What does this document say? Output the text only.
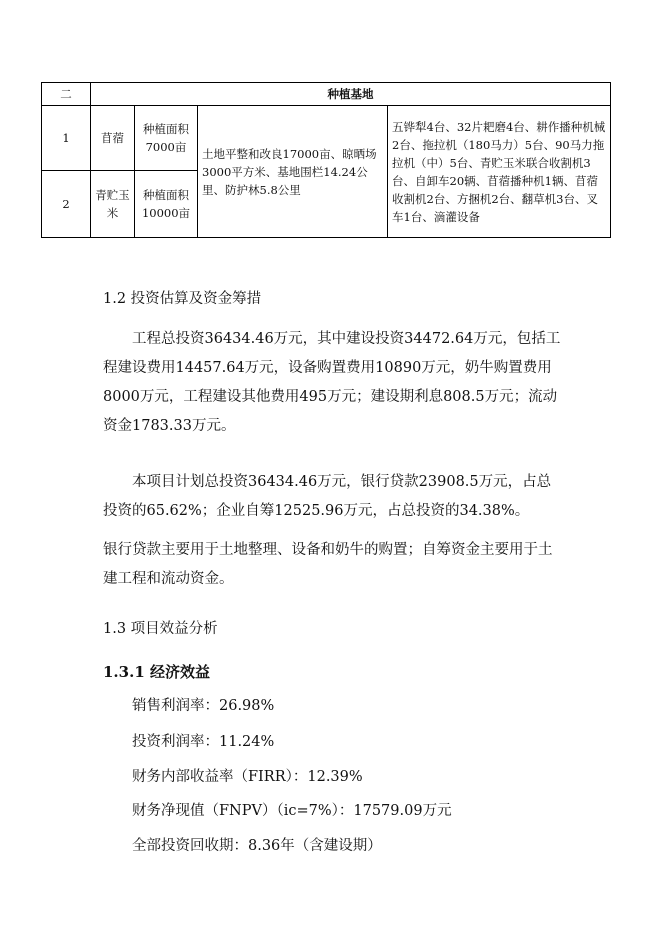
二	种植基地			
1	苜蓿	种植面积7000亩	土地平整和改良17000亩、晾晒场3000平方米、基地围栏14.24公里、防护林5.8公里	五铧犁4台、32片耙磨4台、耕作播种机械2台、拖拉机（180马力）5台、90马力拖拉机（中）5台、青贮玉米联合收割机3台、自卸车20辆、苜蓿播种机1辆、苜蓿收割机2台、方捆机2台、翻草机3台、叉车1台、滴灌设备
2	青贮玉米	种植面积10000亩		
1.2 投资估算及资金筹措

工程总投资36434.46万元，其中建设投资34472.64万元，包括工程建设费用14457.64万元，设备购置费用10890万元，奶牛购置费用8000万元，工程建设其他费用495万元；建设期利息808.5万元；流动资金1783.33万元。

本项目计划总投资36434.46万元，银行贷款23908.5万元，占总投资的65.62%；企业自筹12525.96万元，占总投资的34.38%。

银行贷款主要用于土地整理、设备和奶牛的购置；自筹资金主要用于土建工程和流动资金。

1.3 项目效益分析
1.3.1 经济效益
销售利润率：26.98%
投资利润率：11.24%
财务内部收益率（FIRR）：12.39%
财务净现值（FNPV）（ic=7%）：17579.09万元
全部投资回收期：8.36年（含建设期）
